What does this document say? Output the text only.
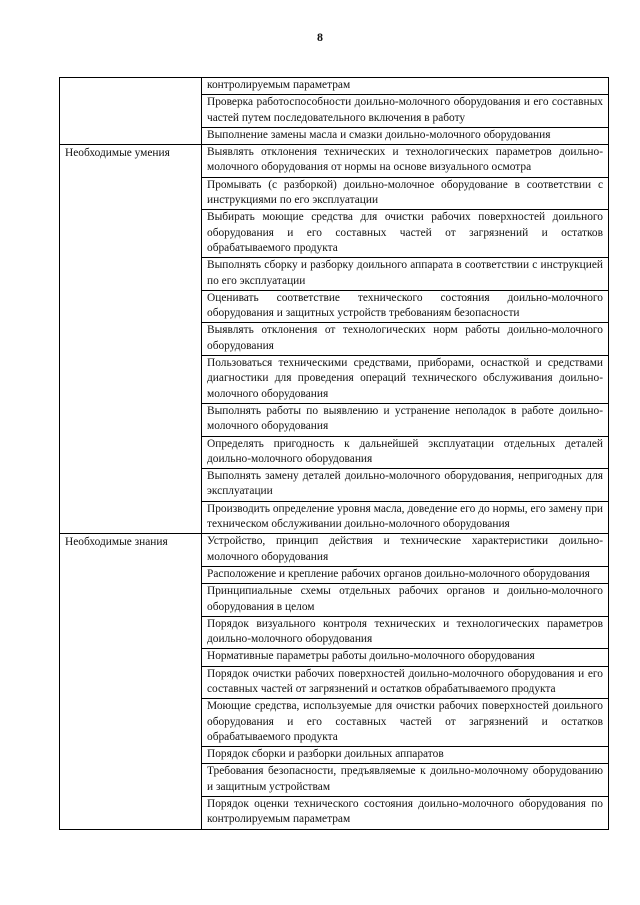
8
	контролируемым параметрам
	Проверка работоспособности доильно-молочного оборудования и его составных частей путем последовательного включения в работу
	Выполнение замены масла и смазки доильно-молочного оборудования
Необходимые умения	Выявлять отклонения технических и технологических параметров доильно-молочного оборудования от нормы на основе визуального осмотра
	Промывать (с разборкой) доильно-молочное оборудование в соответствии с инструкциями по его эксплуатации
	Выбирать моющие средства для очистки рабочих поверхностей доильного оборудования и его составных частей от загрязнений и остатков обрабатываемого продукта
	Выполнять сборку и разборку доильного аппарата в соответствии с инструкцией по его эксплуатации
	Оценивать соответствие технического состояния доильно-молочного оборудования и защитных устройств требованиям безопасности
	Выявлять отклонения от технологических норм работы доильно-молочного оборудования
	Пользоваться техническими средствами, приборами, оснасткой и средствами диагностики для проведения операций технического обслуживания доильно-молочного оборудования
	Выполнять работы по выявлению и устранение неполадок в работе доильно-молочного оборудования
	Определять пригодность к дальнейшей эксплуатации отдельных деталей доильно-молочного оборудования
	Выполнять замену деталей доильно-молочного оборудования, непригодных для эксплуатации
	Производить определение уровня масла, доведение его до нормы, его замену при техническом обслуживании доильно-молочного оборудования
Необходимые знания	Устройство, принцип действия и технические характеристики доильно-молочного оборудования
	Расположение и крепление рабочих органов доильно-молочного оборудования
	Принципиальные схемы отдельных рабочих органов и доильно-молочного оборудования в целом
	Порядок визуального контроля технических и технологических параметров доильно-молочного оборудования
	Нормативные параметры работы доильно-молочного оборудования
	Порядок очистки рабочих поверхностей доильно-молочного оборудования и его составных частей от загрязнений и остатков обрабатываемого продукта
	Моющие средства, используемые для очистки рабочих поверхностей доильного оборудования и его составных частей от загрязнений и остатков обрабатываемого продукта
	Порядок сборки и разборки доильных аппаратов
	Требования безопасности, предъявляемые к доильно-молочному оборудованию и защитным устройствам
	Порядок оценки технического состояния доильно-молочного оборудования по контролируемым параметрам
